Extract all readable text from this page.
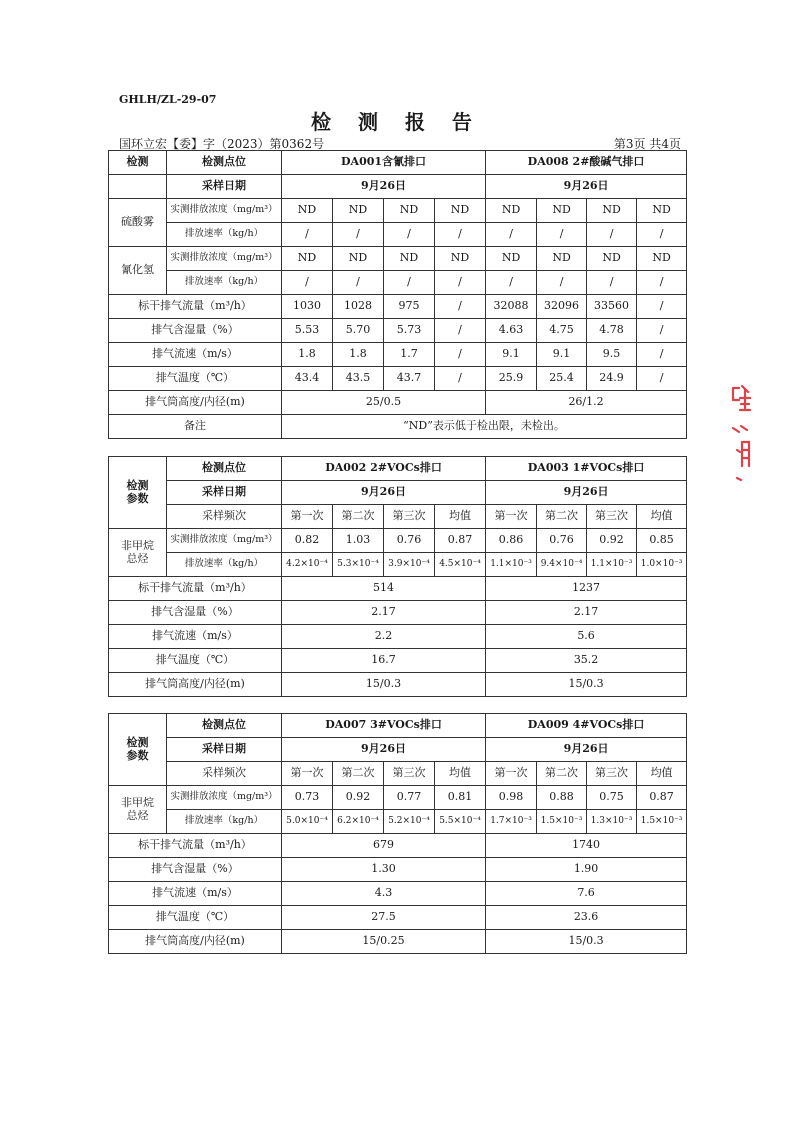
GHLH/ZL-29-07
检 测 报 告
国环立宏【委】字（2023）第0362号	第3页 共4页
检测	检测点位	DA001含氰排口				DA008 2#酸碱气排口			
	采样日期	9月26日				9月26日			
硫酸雾	实测排放浓度（mg/m³）	ND	ND	ND	ND	ND	ND	ND	ND
	排放速率（kg/h）	/	/	/	/	/	/	/	/
氰化氢	实测排放浓度（mg/m³）	ND	ND	ND	ND	ND	ND	ND	ND
	排放速率（kg/h）	/	/	/	/	/	/	/	/
标干排气流量（m³/h）		1030	1028	975	/	32088	32096	33560	/
排气含湿量（%）		5.53	5.70	5.73	/	4.63	4.75	4.78	/
排气流速（m/s）		1.8	1.8	1.7	/	9.1	9.1	9.5	/
排气温度（℃）		43.4	43.5	43.7	/	25.9	25.4	24.9	/
排气筒高度/内径(m)		25/0.5				26/1.2			
备注		“ND”表示低于检出限，未检出。							
检测
参数	检测点位	DA002 2#VOCs排口				DA003 1#VOCs排口			
	采样日期	9月26日				9月26日			
	采样频次	第一次	第二次	第三次	均值	第一次	第二次	第三次	均值
非甲烷
总烃	实测排放浓度（mg/m³）	0.82	1.03	0.76	0.87	0.86	0.76	0.92	0.85
	排放速率（kg/h）	4.2×10⁻⁴	5.3×10⁻⁴	3.9×10⁻⁴	4.5×10⁻⁴	1.1×10⁻³	9.4×10⁻⁴	1.1×10⁻³	1.0×10⁻³
标干排气流量（m³/h）		514				1237			
排气含湿量（%）		2.17				2.17			
排气流速（m/s）		2.2				5.6			
排气温度（℃）		16.7				35.2			
排气筒高度/内径(m)		15/0.3				15/0.3			
检测
参数	检测点位	DA007 3#VOCs排口				DA009 4#VOCs排口			
	采样日期	9月26日				9月26日			
	采样频次	第一次	第二次	第三次	均值	第一次	第二次	第三次	均值
非甲烷
总烃	实测排放浓度（mg/m³）	0.73	0.92	0.77	0.81	0.98	0.88	0.75	0.87
	排放速率（kg/h）	5.0×10⁻⁴	6.2×10⁻⁴	5.2×10⁻⁴	5.5×10⁻⁴	1.7×10⁻³	1.5×10⁻³	1.3×10⁻³	1.5×10⁻³
标干排气流量（m³/h）		679				1740			
排气含湿量（%）		1.30				1.90			
排气流速（m/s）		4.3				7.6			
排气温度（℃）		27.5				23.6			
排气筒高度/内径(m)		15/0.25				15/0.3			
